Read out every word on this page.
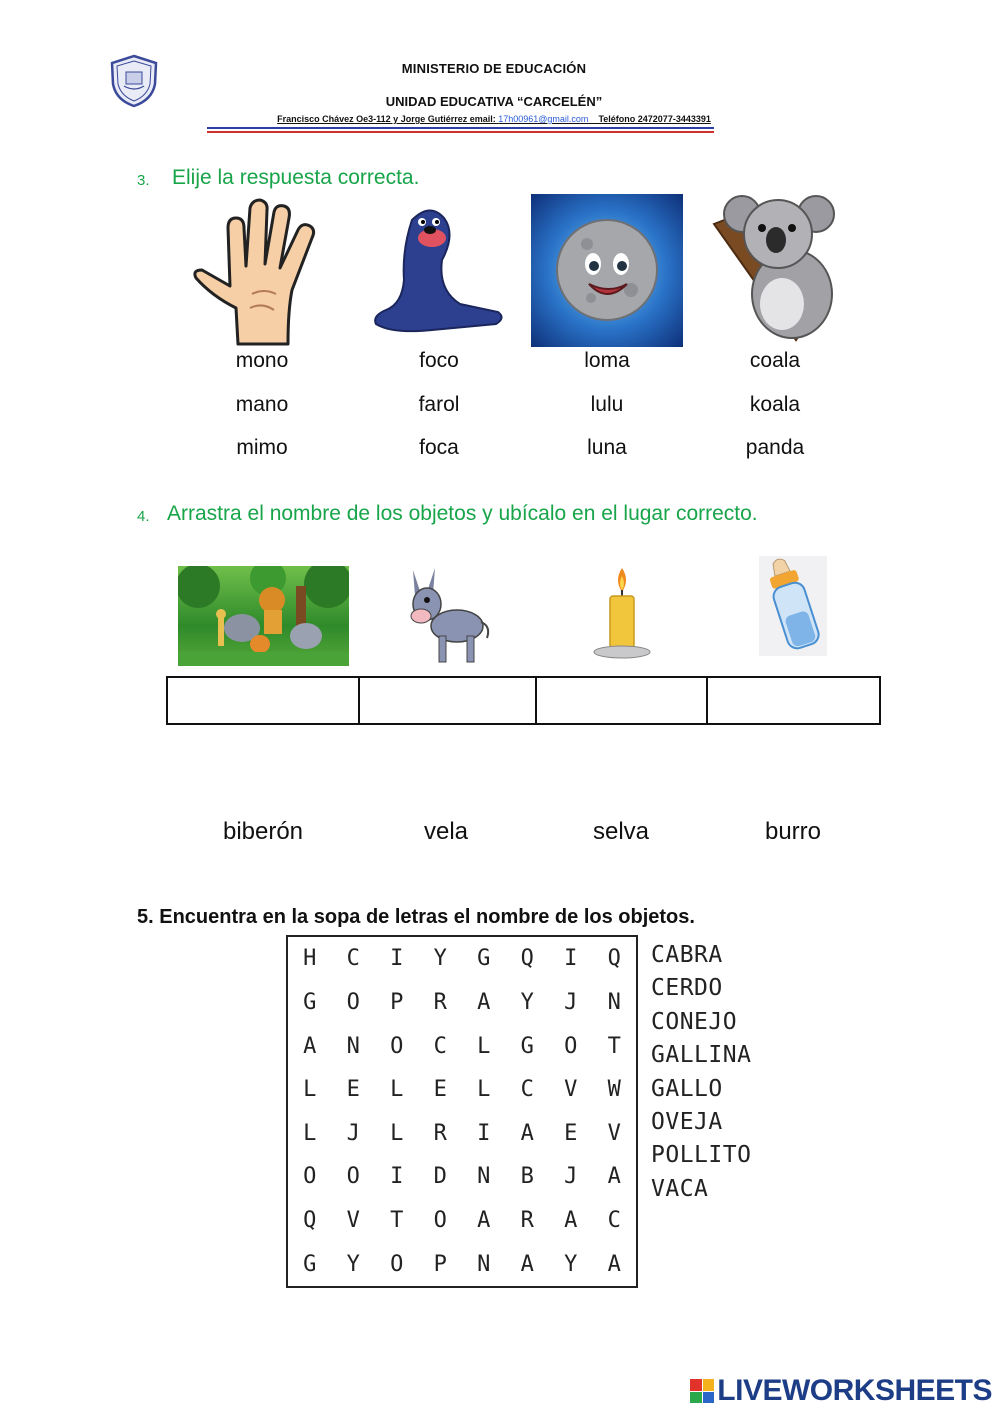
MINISTERIO DE EDUCACIÓN
UNIDAD EDUCATIVA “CARCELÉN”
Francisco Chávez Oe3-112 y Jorge Gutiérrez email: 17h00961@gmail.com Teléfono 2472077-3443391
3. Elije la respuesta correcta.
mono
mano
mimo
foco
farol
foca
loma
lulu
luna
coala
koala
panda
4. Arrastra el nombre de los objetos y ubícalo en el lugar correcto.
biberón	vela	selva	burro
5. Encuentra en la sopa de letras el nombre de los objetos.
H	C	I	Y	G	Q	I	Q
G	O	P	R	A	Y	J	N
A	N	O	C	L	G	O	T
L	E	L	E	L	C	V	W
L	J	L	R	I	A	E	V
O	O	I	D	N	B	J	A
Q	V	T	O	A	R	A	C
G	Y	O	P	N	A	Y	A
CABRA
CERDO
CONEJO
GALLINA
GALLO
OVEJA
POLLITO
VACA
LIVEWORKSHEETS
